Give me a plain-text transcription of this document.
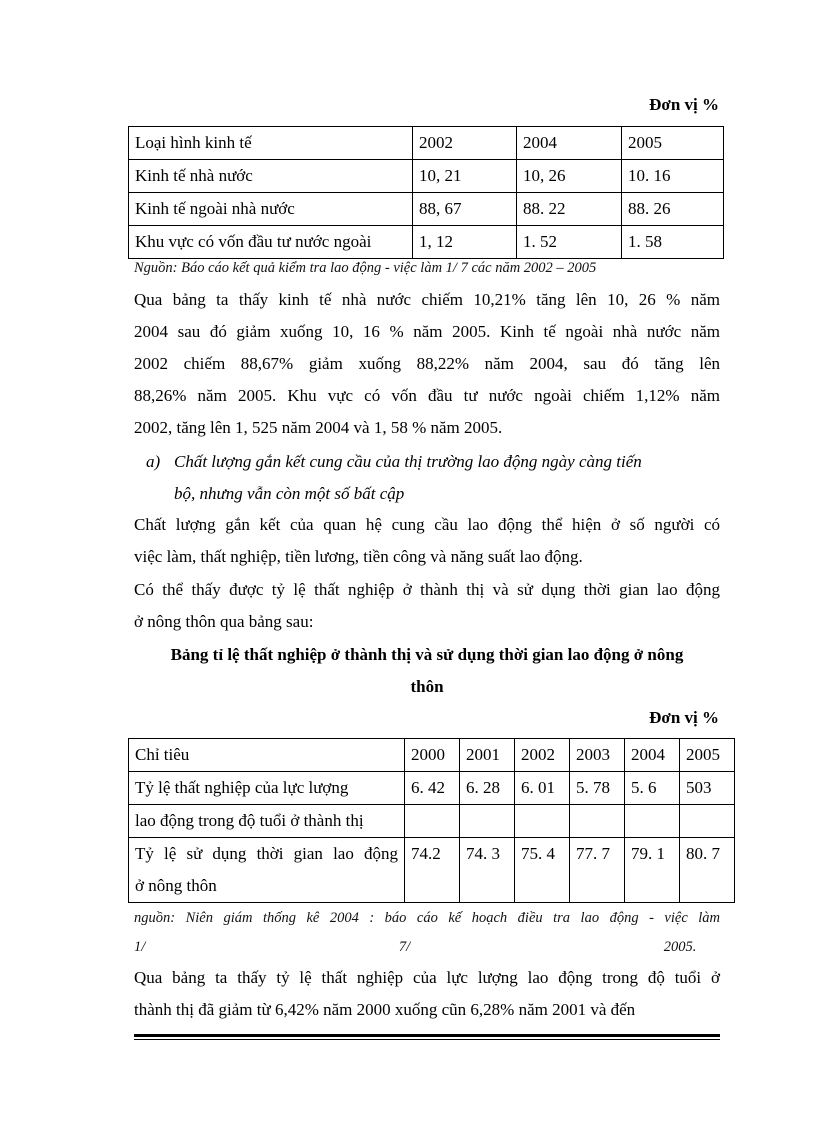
Đơn vị %
Loại hình kinh tế	2002	2004	2005
Kinh tế nhà nước	10, 21	10, 26	10. 16
Kinh tế ngoài nhà nước	88, 67	88. 22	88. 26
Khu vực có vốn đầu tư nước ngoài	1, 12	1. 52	1. 58
Nguồn: Báo cáo kết quả kiểm tra lao động - việc làm 1/ 7 các năm 2002 – 2005
Qua bảng ta thấy kinh tế nhà nước chiếm 10,21% tăng lên 10, 26 % năm
2004 sau đó giảm xuống 10, 16 % năm 2005. Kinh tế ngoài nhà nước năm
2002 chiếm 88,67% giảm xuống 88,22% năm 2004, sau đó tăng lên
88,26% năm 2005. Khu vực có vốn đầu tư nước ngoài chiếm 1,12% năm
2002, tăng lên 1, 525 năm 2004 và 1, 58 % năm 2005.
a) Chất lượng gắn kết cung cầu của thị trường lao động ngày càng tiến
bộ, nhưng vẫn còn một số bất cập
Chất lượng gắn kết của quan hệ cung cầu lao động thể hiện ở số người có
việc làm, thất nghiệp, tiền lương, tiền công và năng suất lao động.
Có thể thấy được tỷ lệ thất nghiệp ở thành thị và sử dụng thời gian lao động
ở nông thôn qua bảng sau:
Bảng tỉ lệ thất nghiệp ở thành thị và sử dụng thời gian lao động ở nông
thôn
Đơn vị %
Chỉ tiêu	2000	2001	2002	2003	2004	2005
Tỷ lệ thất nghiệp của lực lượng	6. 42	6. 28	6. 01	5. 78	5. 6	503
lao động trong độ tuổi ở thành thị						

Tỷ lệ sử dụng thời gian lao động
ở nông thôn	74.2	74. 3	75. 4	77. 7	79. 1	80. 7
nguồn: Niên giám thống kê 2004 : báo cáo kế hoạch điều tra lao động - việc làm
1/ 7/ 2005.
Qua bảng ta thấy tỷ lệ thất nghiệp của lực lượng lao động trong độ tuổi ở
thành thị đã giảm từ 6,42% năm 2000 xuống cũn 6,28% năm 2001 và đến
